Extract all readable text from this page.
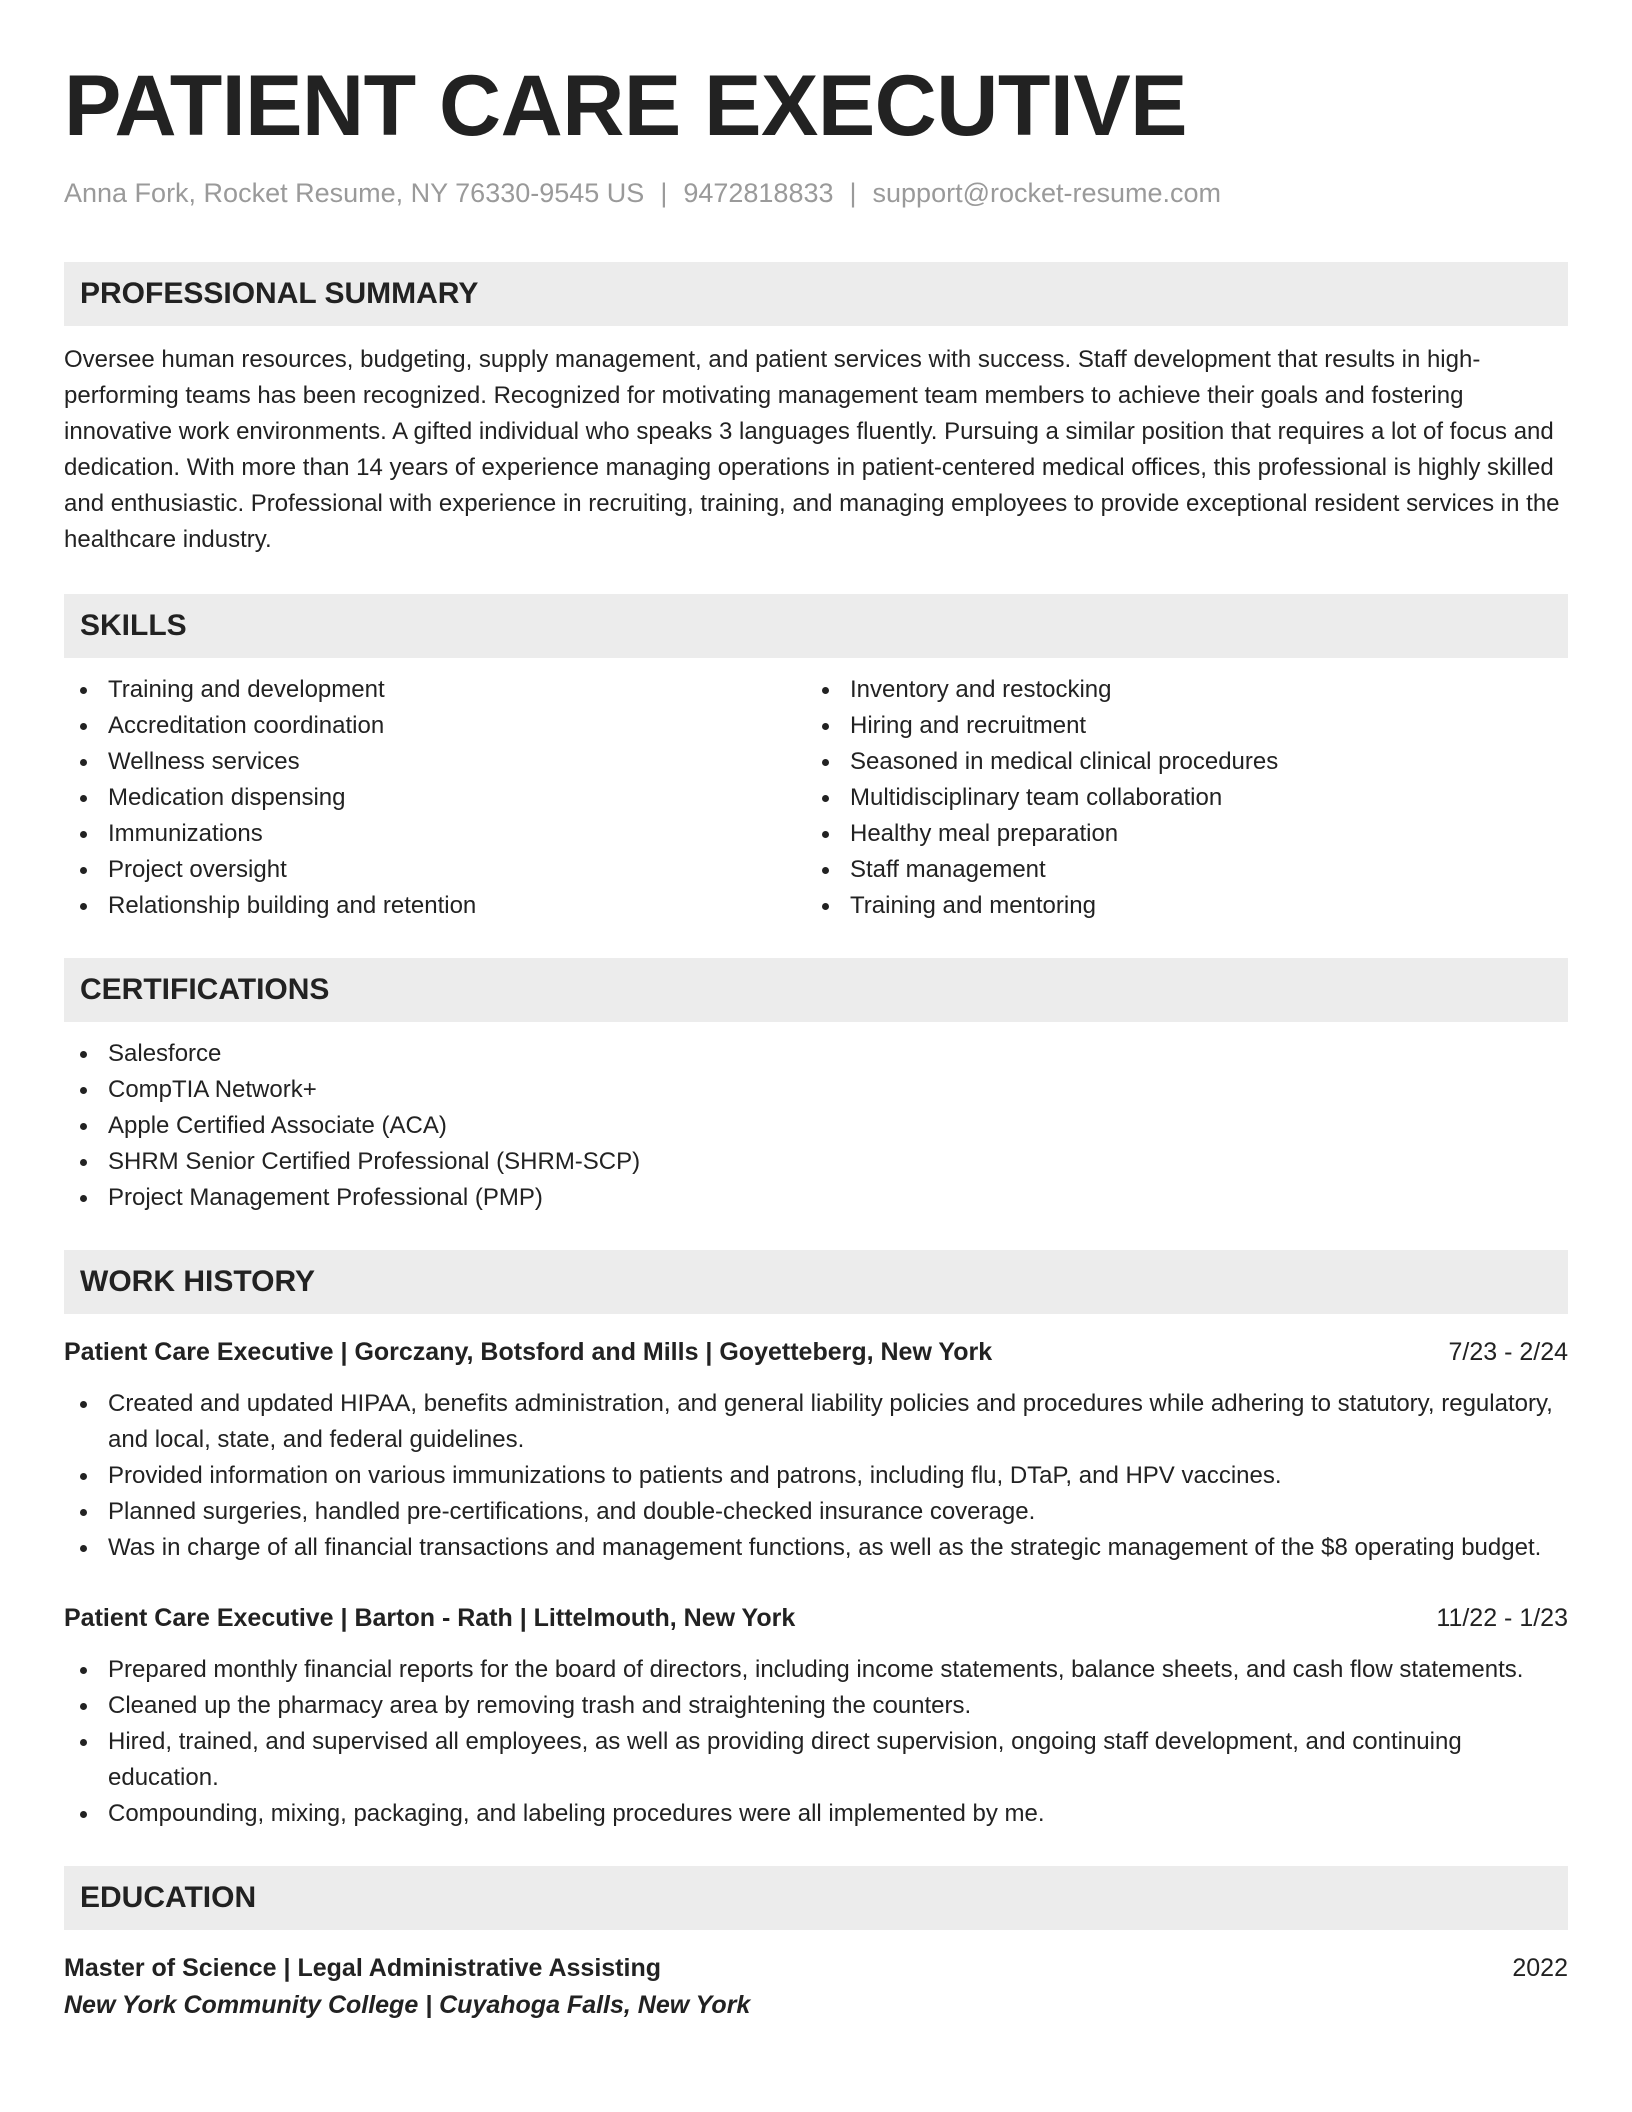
PATIENT CARE EXECUTIVE
Anna Fork, Rocket Resume, NY 76330-9545 US | 9472818833 | support@rocket-resume.com
PROFESSIONAL SUMMARY

Oversee human resources, budgeting, supply management, and patient services with success. Staff development that results in high-performing teams has been recognized. Recognized for motivating management team members to achieve their goals and fostering innovative work environments. A gifted individual who speaks 3 languages fluently. Pursuing a similar position that requires a lot of focus and dedication. With more than 14 years of experience managing operations in patient-centered medical offices, this professional is highly skilled and enthusiastic. Professional with experience in recruiting, training, and managing employees to provide exceptional resident services in the healthcare industry.

SKILLS
Training and development
Accreditation coordination
Wellness services
Medication dispensing
Immunizations
Project oversight
Relationship building and retention
Inventory and restocking
Hiring and recruitment
Seasoned in medical clinical procedures
Multidisciplinary team collaboration
Healthy meal preparation
Staff management
Training and mentoring
CERTIFICATIONS
Salesforce
CompTIA Network+
Apple Certified Associate (ACA)
SHRM Senior Certified Professional (SHRM-SCP)
Project Management Professional (PMP)
WORK HISTORY
Patient Care Executive | Gorczany, Botsford and Mills | Goyetteberg, New York	7/23 - 2/24
Created and updated HIPAA, benefits administration, and general liability policies and procedures while adhering to statutory, regulatory, and local, state, and federal guidelines.
Provided information on various immunizations to patients and patrons, including flu, DTaP, and HPV vaccines.
Planned surgeries, handled pre-certifications, and double-checked insurance coverage.
Was in charge of all financial transactions and management functions, as well as the strategic management of the $8 operating budget.
Patient Care Executive | Barton - Rath | Littelmouth, New York	11/22 - 1/23
Prepared monthly financial reports for the board of directors, including income statements, balance sheets, and cash flow statements.
Cleaned up the pharmacy area by removing trash and straightening the counters.
Hired, trained, and supervised all employees, as well as providing direct supervision, ongoing staff development, and continuing education.
Compounding, mixing, packaging, and labeling procedures were all implemented by me.
EDUCATION
Master of Science | Legal Administrative Assisting	2022
New York Community College | Cuyahoga Falls, New York
